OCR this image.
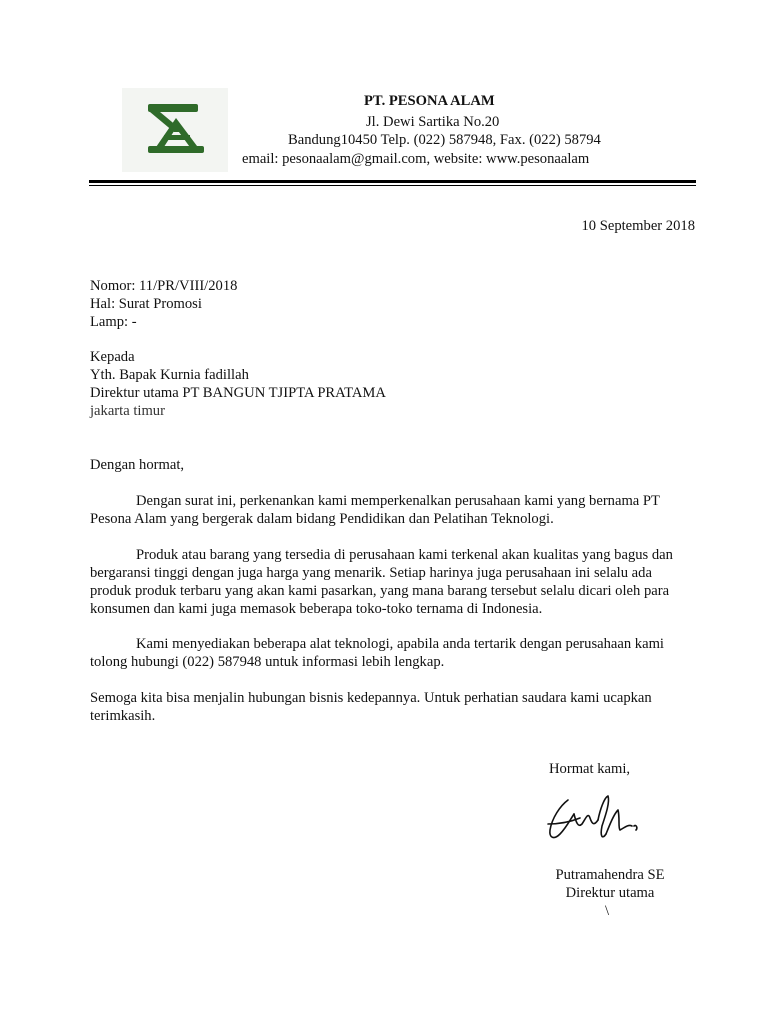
PT. PESONA ALAM
Jl. Dewi Sartika No.20
Bandung10450 Telp. (022) 587948, Fax. (022) 58794
email: pesonaalam@gmail.com, website: www.pesonaalam
10 September 2018
Nomor: 11/PR/VIII/2018
Hal: Surat Promosi
Lamp: -
Kepada
Yth. Bapak Kurnia fadillah
Direktur utama PT BANGUN TJIPTA PRATAMA
jakarta timur
Dengan hormat,
Dengan surat ini, perkenankan kami memperkenalkan perusahaan kami yang bernama PT Pesona Alam yang bergerak dalam bidang Pendidikan dan Pelatihan Teknologi.
Produk atau barang yang tersedia di perusahaan kami terkenal akan kualitas yang bagus dan bergaransi tinggi dengan juga harga yang menarik. Setiap harinya juga perusahaan ini selalu ada produk produk terbaru yang akan kami pasarkan, yang mana barang tersebut selalu dicari oleh para konsumen dan kami juga memasok beberapa toko-toko ternama di Indonesia.
Kami menyediakan beberapa alat teknologi, apabila anda tertarik dengan perusahaan kami tolong hubungi (022) 587948 untuk informasi lebih lengkap.
Semoga kita bisa menjalin hubungan bisnis kedepannya. Untuk perhatian saudara kami ucapkan terimkasih.
Hormat kami,
Putramahendra SE
Direktur utama
\
